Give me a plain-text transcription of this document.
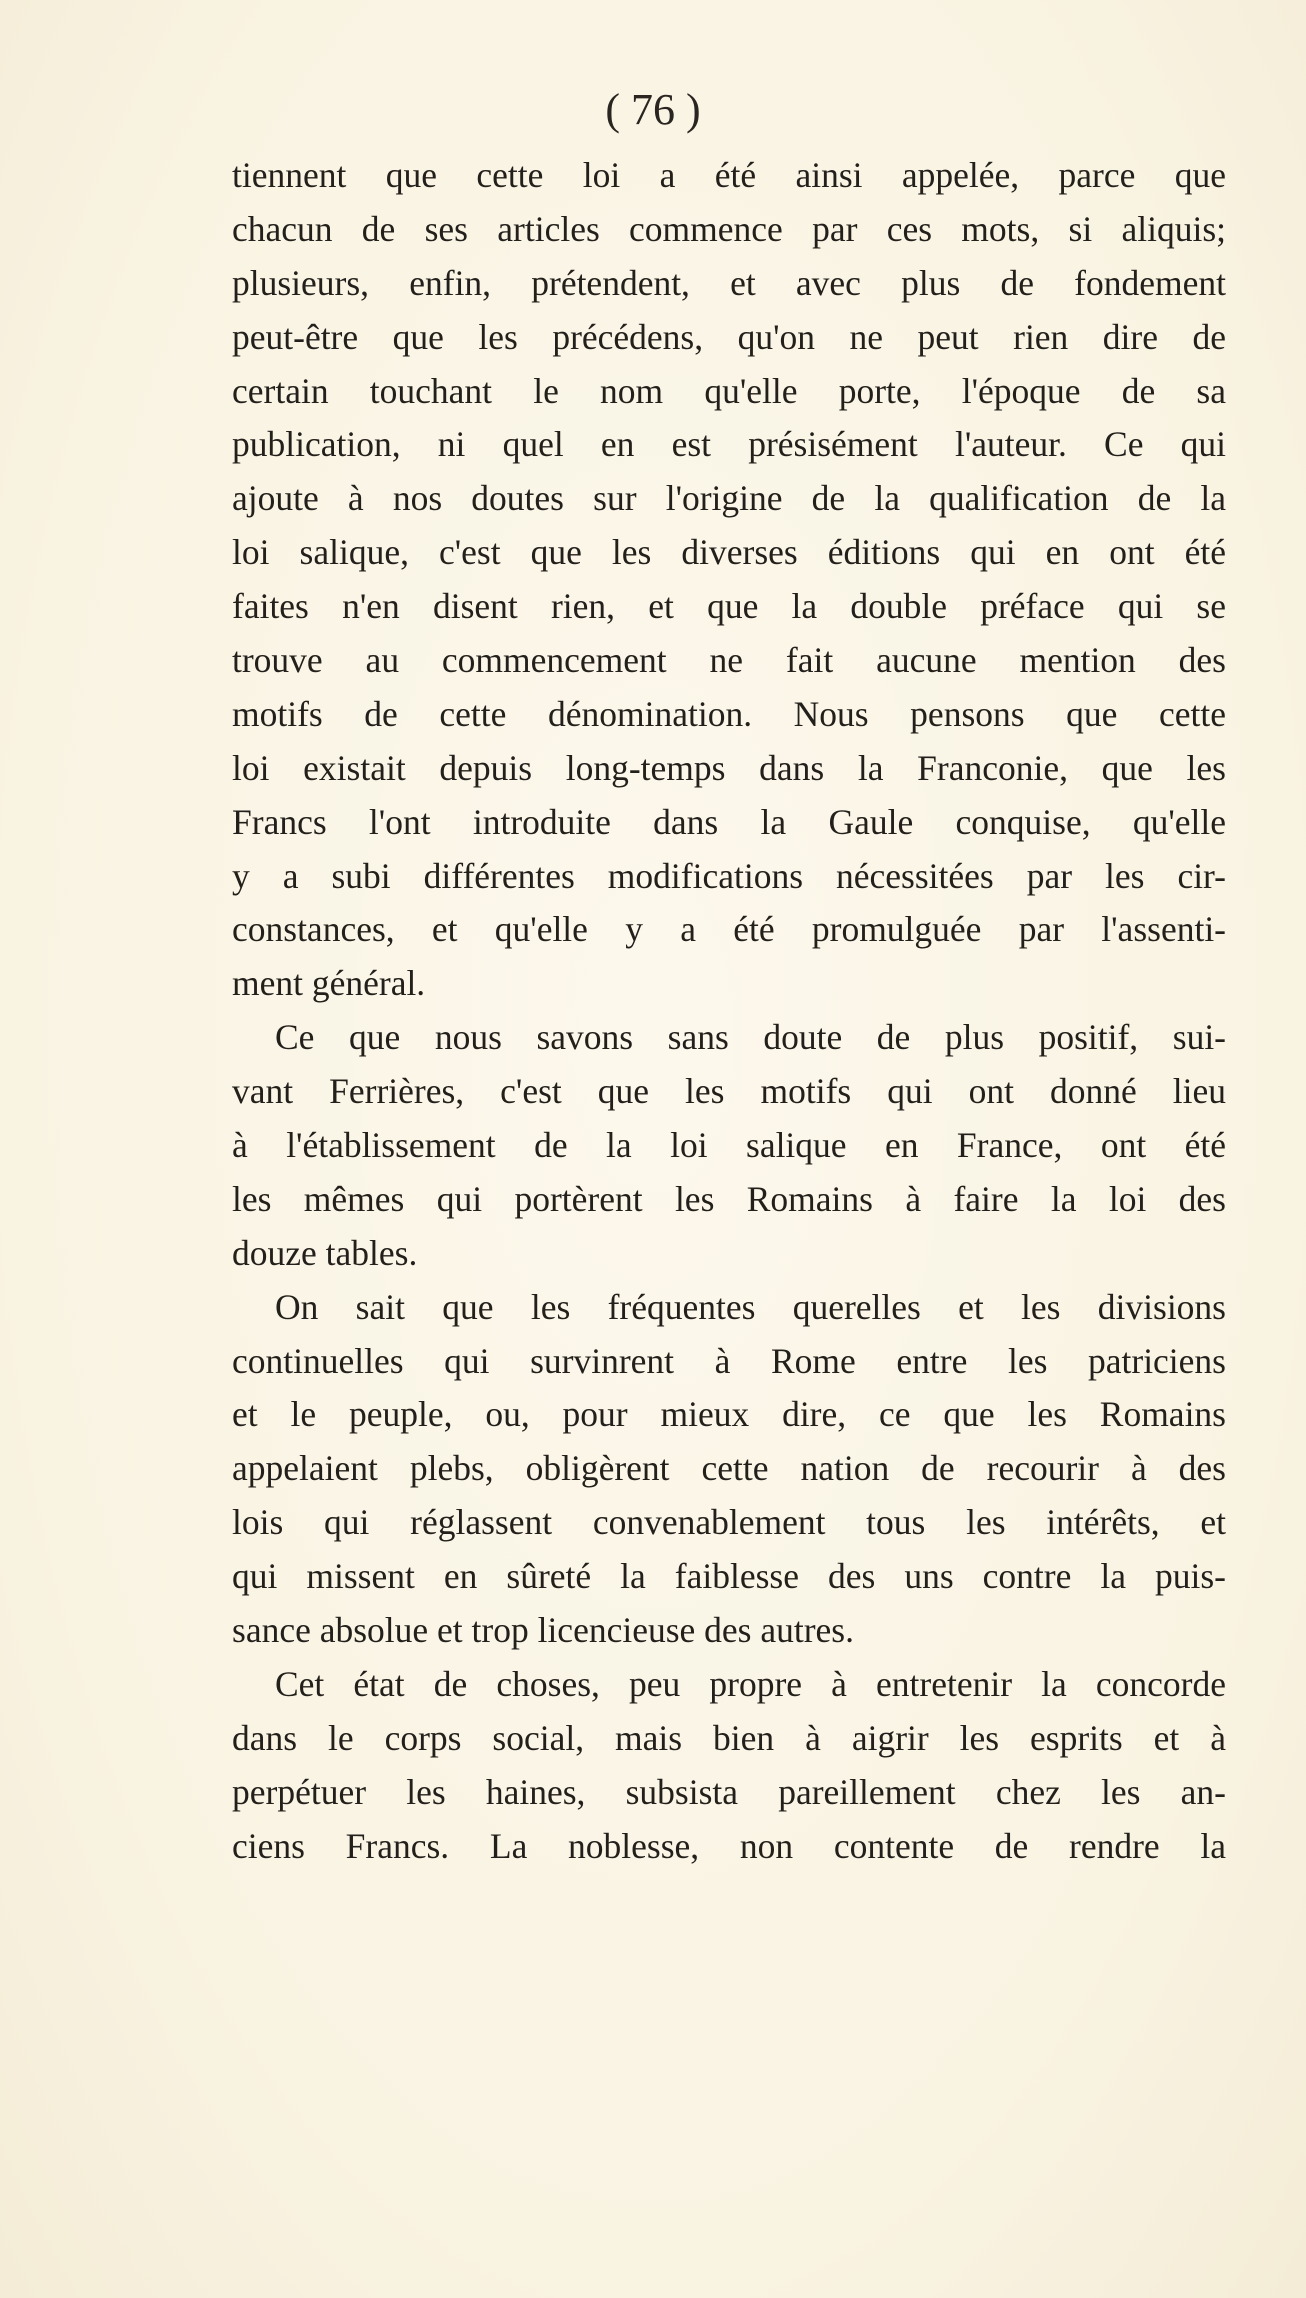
( 76 )
tiennent que cette loi a été ainsi appelée, parce que
chacun de ses articles commence par ces mots, si aliquis;
plusieurs, enfin, prétendent, et avec plus de fondement
peut-être que les précédens, qu'on ne peut rien dire de
certain touchant le nom qu'elle porte, l'époque de sa
publication, ni quel en est présisément l'auteur. Ce qui
ajoute à nos doutes sur l'origine de la qualification de la
loi salique, c'est que les diverses éditions qui en ont été
faites n'en disent rien, et que la double préface qui se
trouve au commencement ne fait aucune mention des
motifs de cette dénomination. Nous pensons que cette
loi existait depuis long-temps dans la Franconie, que les
Francs l'ont introduite dans la Gaule conquise, qu'elle
y a subi différentes modifications nécessitées par les cir-
constances, et qu'elle y a été promulguée par l'assenti-
ment général.
Ce que nous savons sans doute de plus positif, sui-
vant Ferrières, c'est que les motifs qui ont donné lieu
à l'établissement de la loi salique en France, ont été
les mêmes qui portèrent les Romains à faire la loi des
douze tables.
On sait que les fréquentes querelles et les divisions
continuelles qui survinrent à Rome entre les patriciens
et le peuple, ou, pour mieux dire, ce que les Romains
appelaient plebs, obligèrent cette nation de recourir à des
lois qui réglassent convenablement tous les intérêts, et
qui missent en sûreté la faiblesse des uns contre la puis-
sance absolue et trop licencieuse des autres.
Cet état de choses, peu propre à entretenir la concorde
dans le corps social, mais bien à aigrir les esprits et à
perpétuer les haines, subsista pareillement chez les an-
ciens Francs. La noblesse, non contente de rendre la
